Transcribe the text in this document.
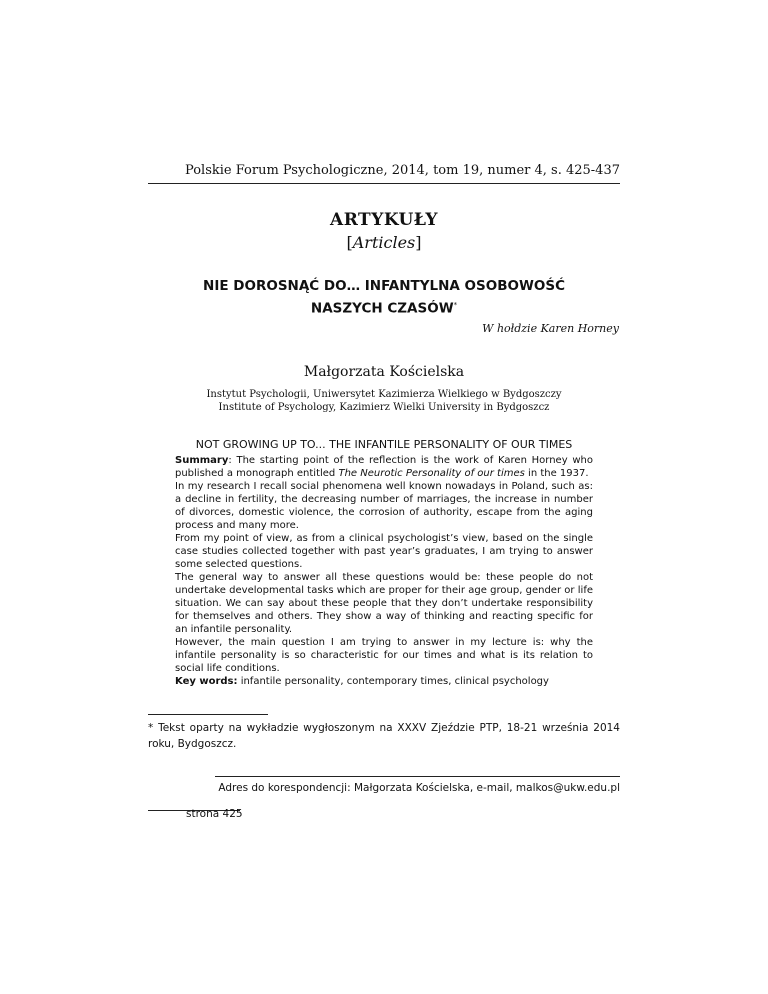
Polskie Forum Psychologiczne, 2014, tom 19, numer 4, s. 425-437
ARTYKUŁY
[Articles]
NIE DOROSNĄĆ DO… INFANTYLNA OSOBOWOŚĆ
NASZYCH CZASÓW*
W hołdzie Karen Horney
Małgorzata Kościelska
Instytut Psychologii, Uniwersytet Kazimierza Wielkiego w Bydgoszczy
Institute of Psychology, Kazimierz Wielki University in Bydgoszcz
NOT GROWING UP TO... THE INFANTILE PERSONALITY OF OUR TIMES

Summary: The starting point of the reflection is the work of Karen Horney who published a monograph entitled The Neurotic Personality of our times in the 1937.

In my research I recall social phenomena well known nowadays in Poland, such as: a decline in fertility, the decreasing number of marriages, the increase in number of divorces, domestic violence, the corrosion of authority, escape from the aging process and many more.

From my point of view, as from a clinical psychologist’s view, based on the single case studies collected together with past year’s graduates, I am trying to answer some selected questions.

The general way to answer all these questions would be: these people do not undertake developmental tasks which are proper for their age group, gender or life situation. We can say about these people that they don’t undertake responsibility for themselves and others. They show a way of thinking and reacting specific for an infantile personality.

However, the main question I am trying to answer in my lecture is: why the infantile personality is so characteristic for our times and what is its relation to social life conditions.

Key words: infantile personality, contemporary times, clinical psychology

* Tekst oparty na wykładzie wygłoszonym na XXXV Zjeździe PTP, 18-21 września 2014 roku, Bydgoszcz.
Adres do korespondencji: Małgorzata Kościelska, e-mail, malkos@ukw.edu.pl
strona 425
